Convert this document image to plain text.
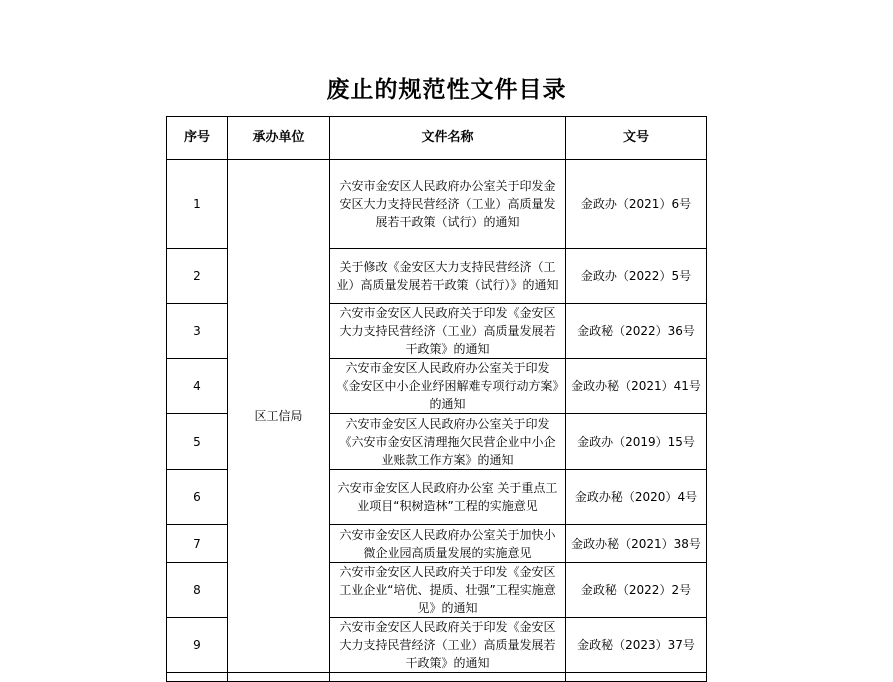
废止的规范性文件目录
序号	承办单位	文件名称	文号
1	区工信局	六安市金安区人民政府办公室关于印发金安区大力支持民营经济（工业）高质量发展若干政策（试行）的通知	金政办（2021）6号
2		关于修改《金安区大力支持民营经济（工业）高质量发展若干政策（试行）》的通知	金政办（2022）5号
3		六安市金安区人民政府关于印发《金安区大力支持民营经济（工业）高质量发展若干政策》的通知	金政秘（2022）36号
4		六安市金安区人民政府办公室关于印发《金安区中小企业纾困解难专项行动方案》的通知	金政办秘（2021）41号
5		六安市金安区人民政府办公室关于印发《六安市金安区清理拖欠民营企业中小企业账款工作方案》的通知	金政办（2019）15号
6		六安市金安区人民政府办公室 关于重点工业项目“积树造林”工程的实施意见	金政办秘（2020）4号
7		六安市金安区人民政府办公室关于加快小微企业园高质量发展的实施意见	金政办秘（2021）38号
8		六安市金安区人民政府关于印发《金安区工业企业“培优、提质、壮强”工程实施意见》的通知	金政秘（2022）2号
9		六安市金安区人民政府关于印发《金安区大力支持民营经济（工业）高质量发展若干政策》的通知	金政秘（2023）37号
